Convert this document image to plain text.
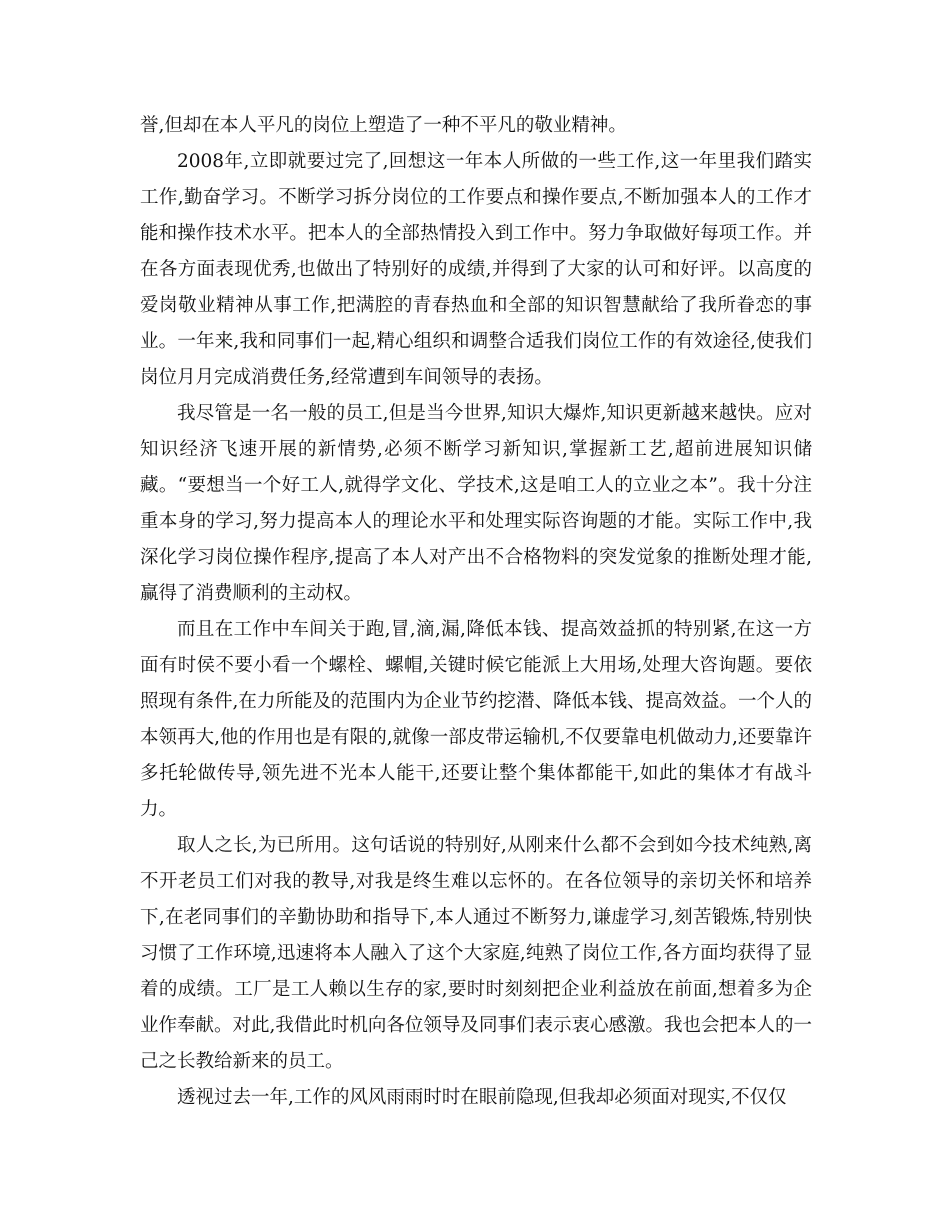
誉,但却在本人平凡的岗位上塑造了一种不平凡的敬业精神。

2008年,立即就要过完了,回想这一年本人所做的一些工作,这一年里我们踏实工作,勤奋学习。不断学习拆分岗位的工作要点和操作要点,不断加强本人的工作才能和操作技术水平。把本人的全部热情投入到工作中。努力争取做好每项工作。并在各方面表现优秀,也做出了特别好的成绩,并得到了大家的认可和好评。以高度的爱岗敬业精神从事工作,把满腔的青春热血和全部的知识智慧献给了我所眷恋的事业。一年来,我和同事们一起,精心组织和调整合适我们岗位工作的有效途径,使我们岗位月月完成消费任务,经常遭到车间领导的表扬。

我尽管是一名一般的员工,但是当今世界,知识大爆炸,知识更新越来越快。应对知识经济飞速开展的新情势,必须不断学习新知识,掌握新工艺,超前进展知识储藏。“要想当一个好工人,就得学文化、学技术,这是咱工人的立业之本”。我十分注重本身的学习,努力提高本人的理论水平和处理实际咨询题的才能。实际工作中,我深化学习岗位操作程序,提高了本人对产出不合格物料的突发觉象的推断处理才能,赢得了消费顺利的主动权。

而且在工作中车间关于跑,冒,滴,漏,降低本钱、提高效益抓的特别紧,在这一方面有时侯不要小看一个螺栓、螺帽,关键时候它能派上大用场,处理大咨询题。要依照现有条件,在力所能及的范围内为企业节约挖潜、降低本钱、提高效益。一个人的本领再大,他的作用也是有限的,就像一部皮带运输机,不仅要靠电机做动力,还要靠许多托轮做传导,领先进不光本人能干,还要让整个集体都能干,如此的集体才有战斗力。

取人之长,为已所用。这句话说的特别好,从刚来什么都不会到如今技术纯熟,离不开老员工们对我的教导,对我是终生难以忘怀的。在各位领导的亲切关怀和培养下,在老同事们的辛勤协助和指导下,本人通过不断努力,谦虚学习,刻苦锻炼,特别快习惯了工作环境,迅速将本人融入了这个大家庭,纯熟了岗位工作,各方面均获得了显着的成绩。工厂是工人赖以生存的家,要时时刻刻把企业利益放在前面,想着多为企业作奉献。对此,我借此时机向各位领导及同事们表示衷心感激。我也会把本人的一己之长教给新来的员工。

透视过去一年,工作的风风雨雨时时在眼前隐现,但我却必须面对现实,不仅仅
